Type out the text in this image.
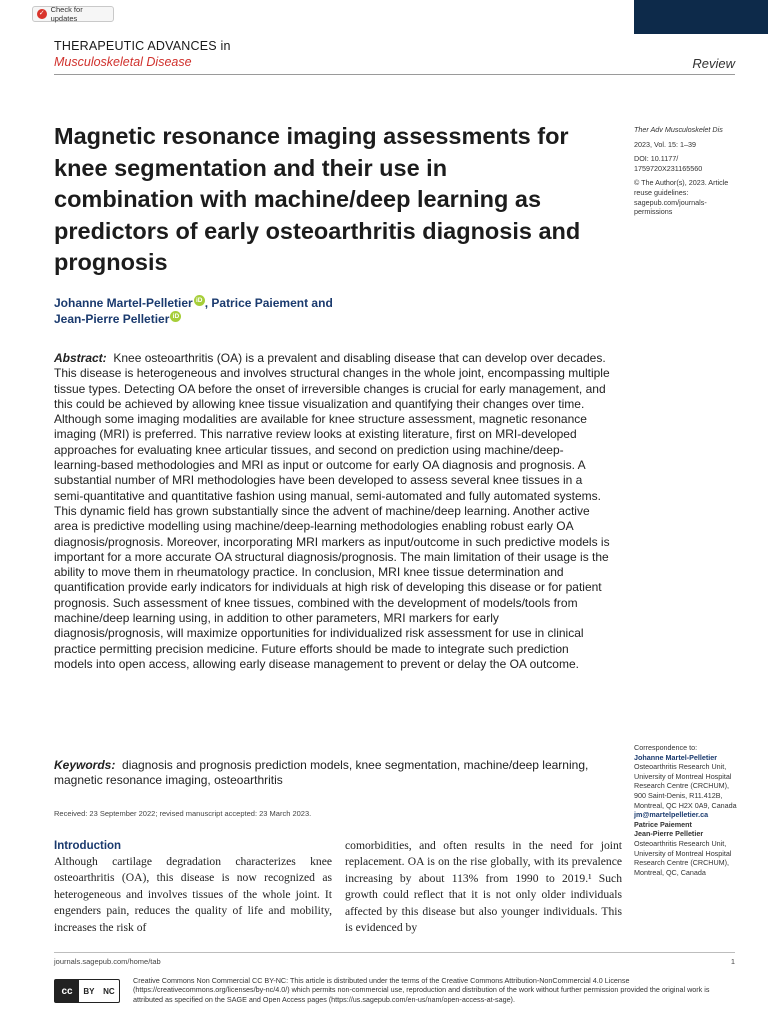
✓ Check for updates
THERAPEUTIC ADVANCES in
Musculoskeletal Disease	Review
Magnetic resonance imaging assessments for knee segmentation and their use in combination with machine/deep learning as predictors of early osteoarthritis diagnosis and prognosis
Johanne Martel-Pelletier iD , Patrice Paiement and
Jean-Pierre Pelletier iD
Ther Adv Musculoskelet Dis
2023, Vol. 15: 1–39
DOI: 10.1177/ 1759720X231165560
© The Author(s), 2023. Article reuse guidelines: sagepub.com/journals-permissions
Abstract: Knee osteoarthritis (OA) is a prevalent and disabling disease that can develop over decades. This disease is heterogeneous and involves structural changes in the whole joint, encompassing multiple tissue types. Detecting OA before the onset of irreversible changes is crucial for early management, and this could be achieved by allowing knee tissue visualization and quantifying their changes over time. Although some imaging modalities are available for knee structure assessment, magnetic resonance imaging (MRI) is preferred. This narrative review looks at existing literature, first on MRI-developed approaches for evaluating knee articular tissues, and second on prediction using machine/deep-learning-based methodologies and MRI as input or outcome for early OA diagnosis and prognosis. A substantial number of MRI methodologies have been developed to assess several knee tissues in a semi-quantitative and quantitative fashion using manual, semi-automated and fully automated systems. This dynamic field has grown substantially since the advent of machine/deep learning. Another active area is predictive modelling using machine/deep-learning methodologies enabling robust early OA diagnosis/prognosis. Moreover, incorporating MRI markers as input/outcome in such predictive models is important for a more accurate OA structural diagnosis/prognosis. The main limitation of their usage is the ability to move them in rheumatology practice. In conclusion, MRI knee tissue determination and quantification provide early indicators for individuals at high risk of developing this disease or for patient prognosis. Such assessment of knee tissues, combined with the development of models/tools from machine/deep learning using, in addition to other parameters, MRI markers for early diagnosis/prognosis, will maximize opportunities for individualized risk assessment for use in clinical practice permitting precision medicine. Future efforts should be made to integrate such prediction models into open access, allowing early disease management to prevent or delay the OA outcome.
Keywords: diagnosis and prognosis prediction models, knee segmentation, machine/deep learning, magnetic resonance imaging, osteoarthritis
Received: 23 September 2022; revised manuscript accepted: 23 March 2023.
Introduction
Although cartilage degradation characterizes knee osteoarthritis (OA), this disease is now recognized as heterogeneous and involves tissues of the whole joint. It engenders pain, reduces the quality of life and mobility, increases the risk of
comorbidities, and often results in the need for joint replacement. OA is on the rise globally, with its prevalence increasing by about 113% from 1990 to 2019.¹ Such growth could reflect that it is not only older individuals affected by this disease but also younger individuals. This is evidenced by
Correspondence to:
Johanne Martel-Pelletier
Osteoarthritis Research Unit, University of Montreal Hospital Research Centre (CRCHUM), 900 Saint-Denis, R11.412B, Montreal, QC H2X 0A9, Canada
jm@martelpelletier.ca
Patrice Paiement
Jean-Pierre Pelletier
Osteoarthritis Research Unit, University of Montreal Hospital Research Centre (CRCHUM), Montreal, QC, Canada
journals.sagepub.com/home/tab	1
cc	BY NC
Creative Commons Non Commercial CC BY-NC: This article is distributed under the terms of the Creative Commons Attribution-NonCommercial 4.0 License (https://creativecommons.org/licenses/by-nc/4.0/) which permits non-commercial use, reproduction and distribution of the work without further permission provided the original work is attributed as specified on the SAGE and Open Access pages (https://us.sagepub.com/en-us/nam/open-access-at-sage).
